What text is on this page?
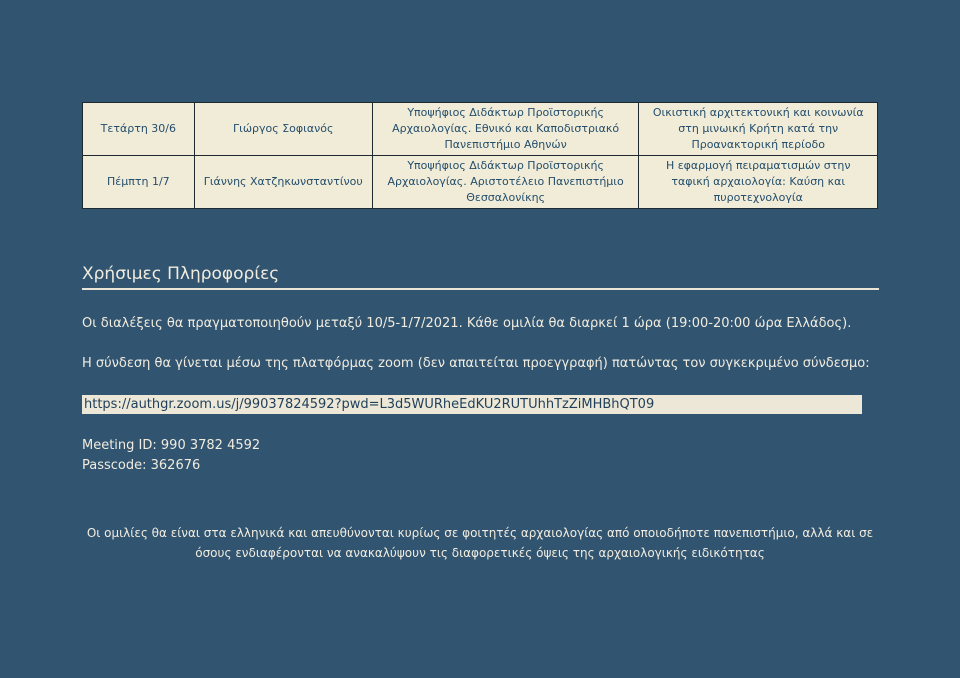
Τετάρτη 30/6	Γιώργος Σοφιανός	Υποψήφιος Διδάκτωρ Προϊστορικής Αρχαιολογίας. Εθνικό και Καποδιστριακό Πανεπιστήμιο Αθηνών	Οικιστική αρχιτεκτονική και κοινωνία στη μινωική Κρήτη κατά την Προανακτορική περίοδο
Πέμπτη 1/7	Γιάννης Χατζηκωνσταντίνου	Υποψήφιος Διδάκτωρ Προϊστορικής Αρχαιολογίας. Αριστοτέλειο Πανεπιστήμιο Θεσσαλονίκης	Η εφαρμογή πειραματισμών στην ταφική αρχαιολογία: Καύση και πυροτεχνολογία
Χρήσιμες Πληροφορίες

Οι διαλέξεις θα πραγματοποιηθούν μεταξύ 10/5-1/7/2021. Κάθε ομιλία θα διαρκεί 1 ώρα (19:00-20:00 ώρα Ελλάδος).

Η σύνδεση θα γίνεται μέσω της πλατφόρμας zoom (δεν απαιτείται προεγγραφή) πατώντας τον συγκεκριμένο σύνδεσμο:

https://authgr.zoom.us/j/99037824592?pwd=L3d5WURheEdKU2RUTUhhTzZiMHBhQT09
Meeting ID: 990 3782 4592
Passcode: 362676
Οι ομιλίες θα είναι στα ελληνικά και απευθύνονται κυρίως σε φοιτητές αρχαιολογίας από οποιοδήποτε πανεπιστήμιο, αλλά και σε
όσους ενδιαφέρονται να ανακαλύψουν τις διαφορετικές όψεις της αρχαιολογικής ειδικότητας
